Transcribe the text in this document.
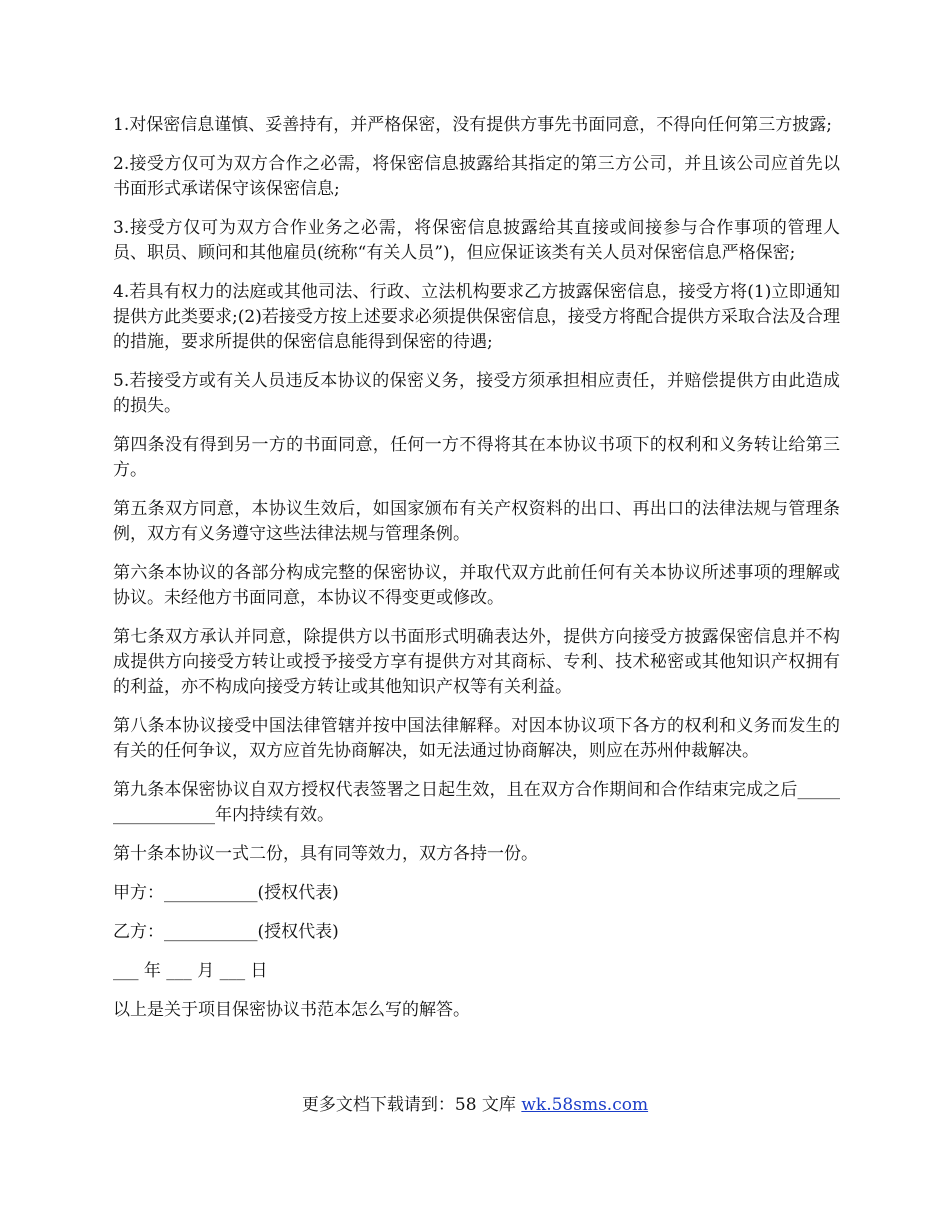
1.对保密信息谨慎、妥善持有，并严格保密，没有提供方事先书面同意，不得向任何第三方披露;

2.接受方仅可为双方合作之必需，将保密信息披露给其指定的第三方公司，并且该公司应首先以书面形式承诺保守该保密信息;

3.接受方仅可为双方合作业务之必需，将保密信息披露给其直接或间接参与合作事项的管理人员、职员、顾问和其他雇员(统称“有关人员”)，但应保证该类有关人员对保密信息严格保密;

4.若具有权力的法庭或其他司法、行政、立法机构要求乙方披露保密信息，接受方将(1)立即通知提供方此类要求;(2)若接受方按上述要求必须提供保密信息，接受方将配合提供方采取合法及合理的措施，要求所提供的保密信息能得到保密的待遇;

5.若接受方或有关人员违反本协议的保密义务，接受方须承担相应责任，并赔偿提供方由此造成的损失。

第四条没有得到另一方的书面同意，任何一方不得将其在本协议书项下的权利和义务转让给第三方。

第五条双方同意，本协议生效后，如国家颁布有关产权资料的出口、再出口的法律法规与管理条例，双方有义务遵守这些法律法规与管理条例。

第六条本协议的各部分构成完整的保密协议，并取代双方此前任何有关本协议所述事项的理解或协议。未经他方书面同意，本协议不得变更或修改。

第七条双方承认并同意，除提供方以书面形式明确表达外，提供方向接受方披露保密信息并不构成提供方向接受方转让或授予接受方享有提供方对其商标、专利、技术秘密或其他知识产权拥有的利益，亦不构成向接受方转让或其他知识产权等有关利益。

第八条本协议接受中国法律管辖并按中国法律解释。对因本协议项下各方的权利和义务而发生的有关的任何争议，双方应首先协商解决，如无法通过协商解决，则应在苏州仲裁解决。

第九条本保密协议自双方授权代表签署之日起生效，且在双方合作期间和合作结束完成之后_________________年内持续有效。

第十条本协议一式二份，具有同等效力，双方各持一份。

甲方：___________(授权代表)

乙方：___________(授权代表)

___ 年 ___ 月 ___ 日

以上是关于项目保密协议书范本怎么写的解答。

更多文档下载请到：58 文库 wk.58sms.com
